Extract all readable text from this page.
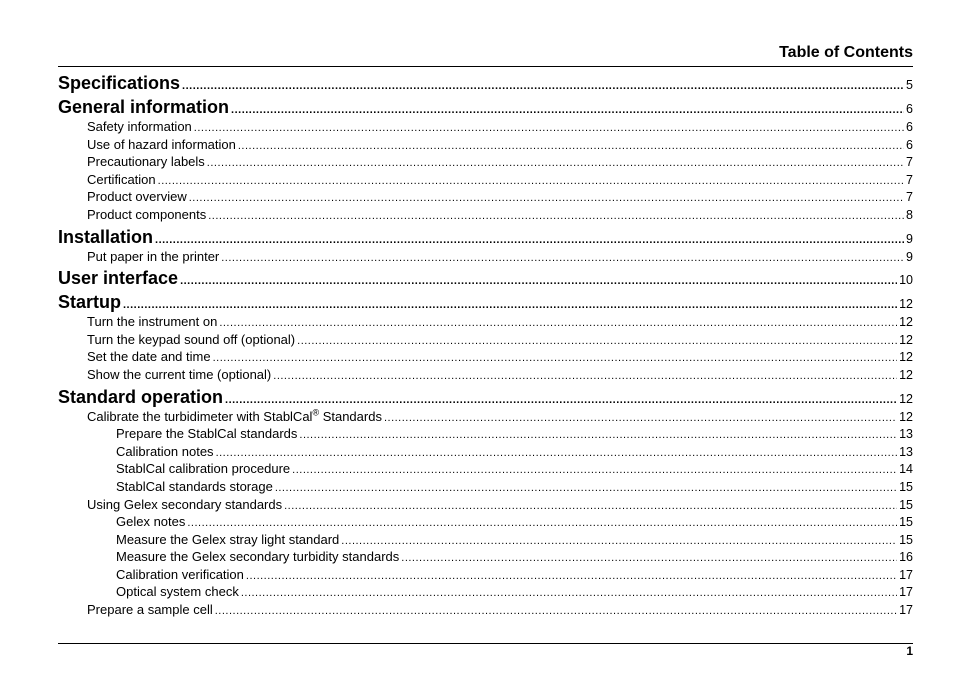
Table of Contents
Specifications .....	5
General information .....	6
Safety information .....	6
Use of hazard information .....	6
Precautionary labels .....	7
Certification .....	7
Product overview .....	7
Product components .....	8
Installation .....	9
Put paper in the printer .....	9
User interface .....	10
Startup .....	12
Turn the instrument on .....	12
Turn the keypad sound off (optional) .....	12
Set the date and time .....	12
Show the current time (optional) .....	12
Standard operation .....	12
Calibrate the turbidimeter with StablCal® Standards .....	12
Prepare the StablCal standards .....	13
Calibration notes .....	13
StablCal calibration procedure .....	14
StablCal standards storage .....	15
Using Gelex secondary standards .....	15
Gelex notes .....	15
Measure the Gelex stray light standard .....	15
Measure the Gelex secondary turbidity standards .....	16
Calibration verification .....	17
Optical system check .....	17
Prepare a sample cell .....	17
1
